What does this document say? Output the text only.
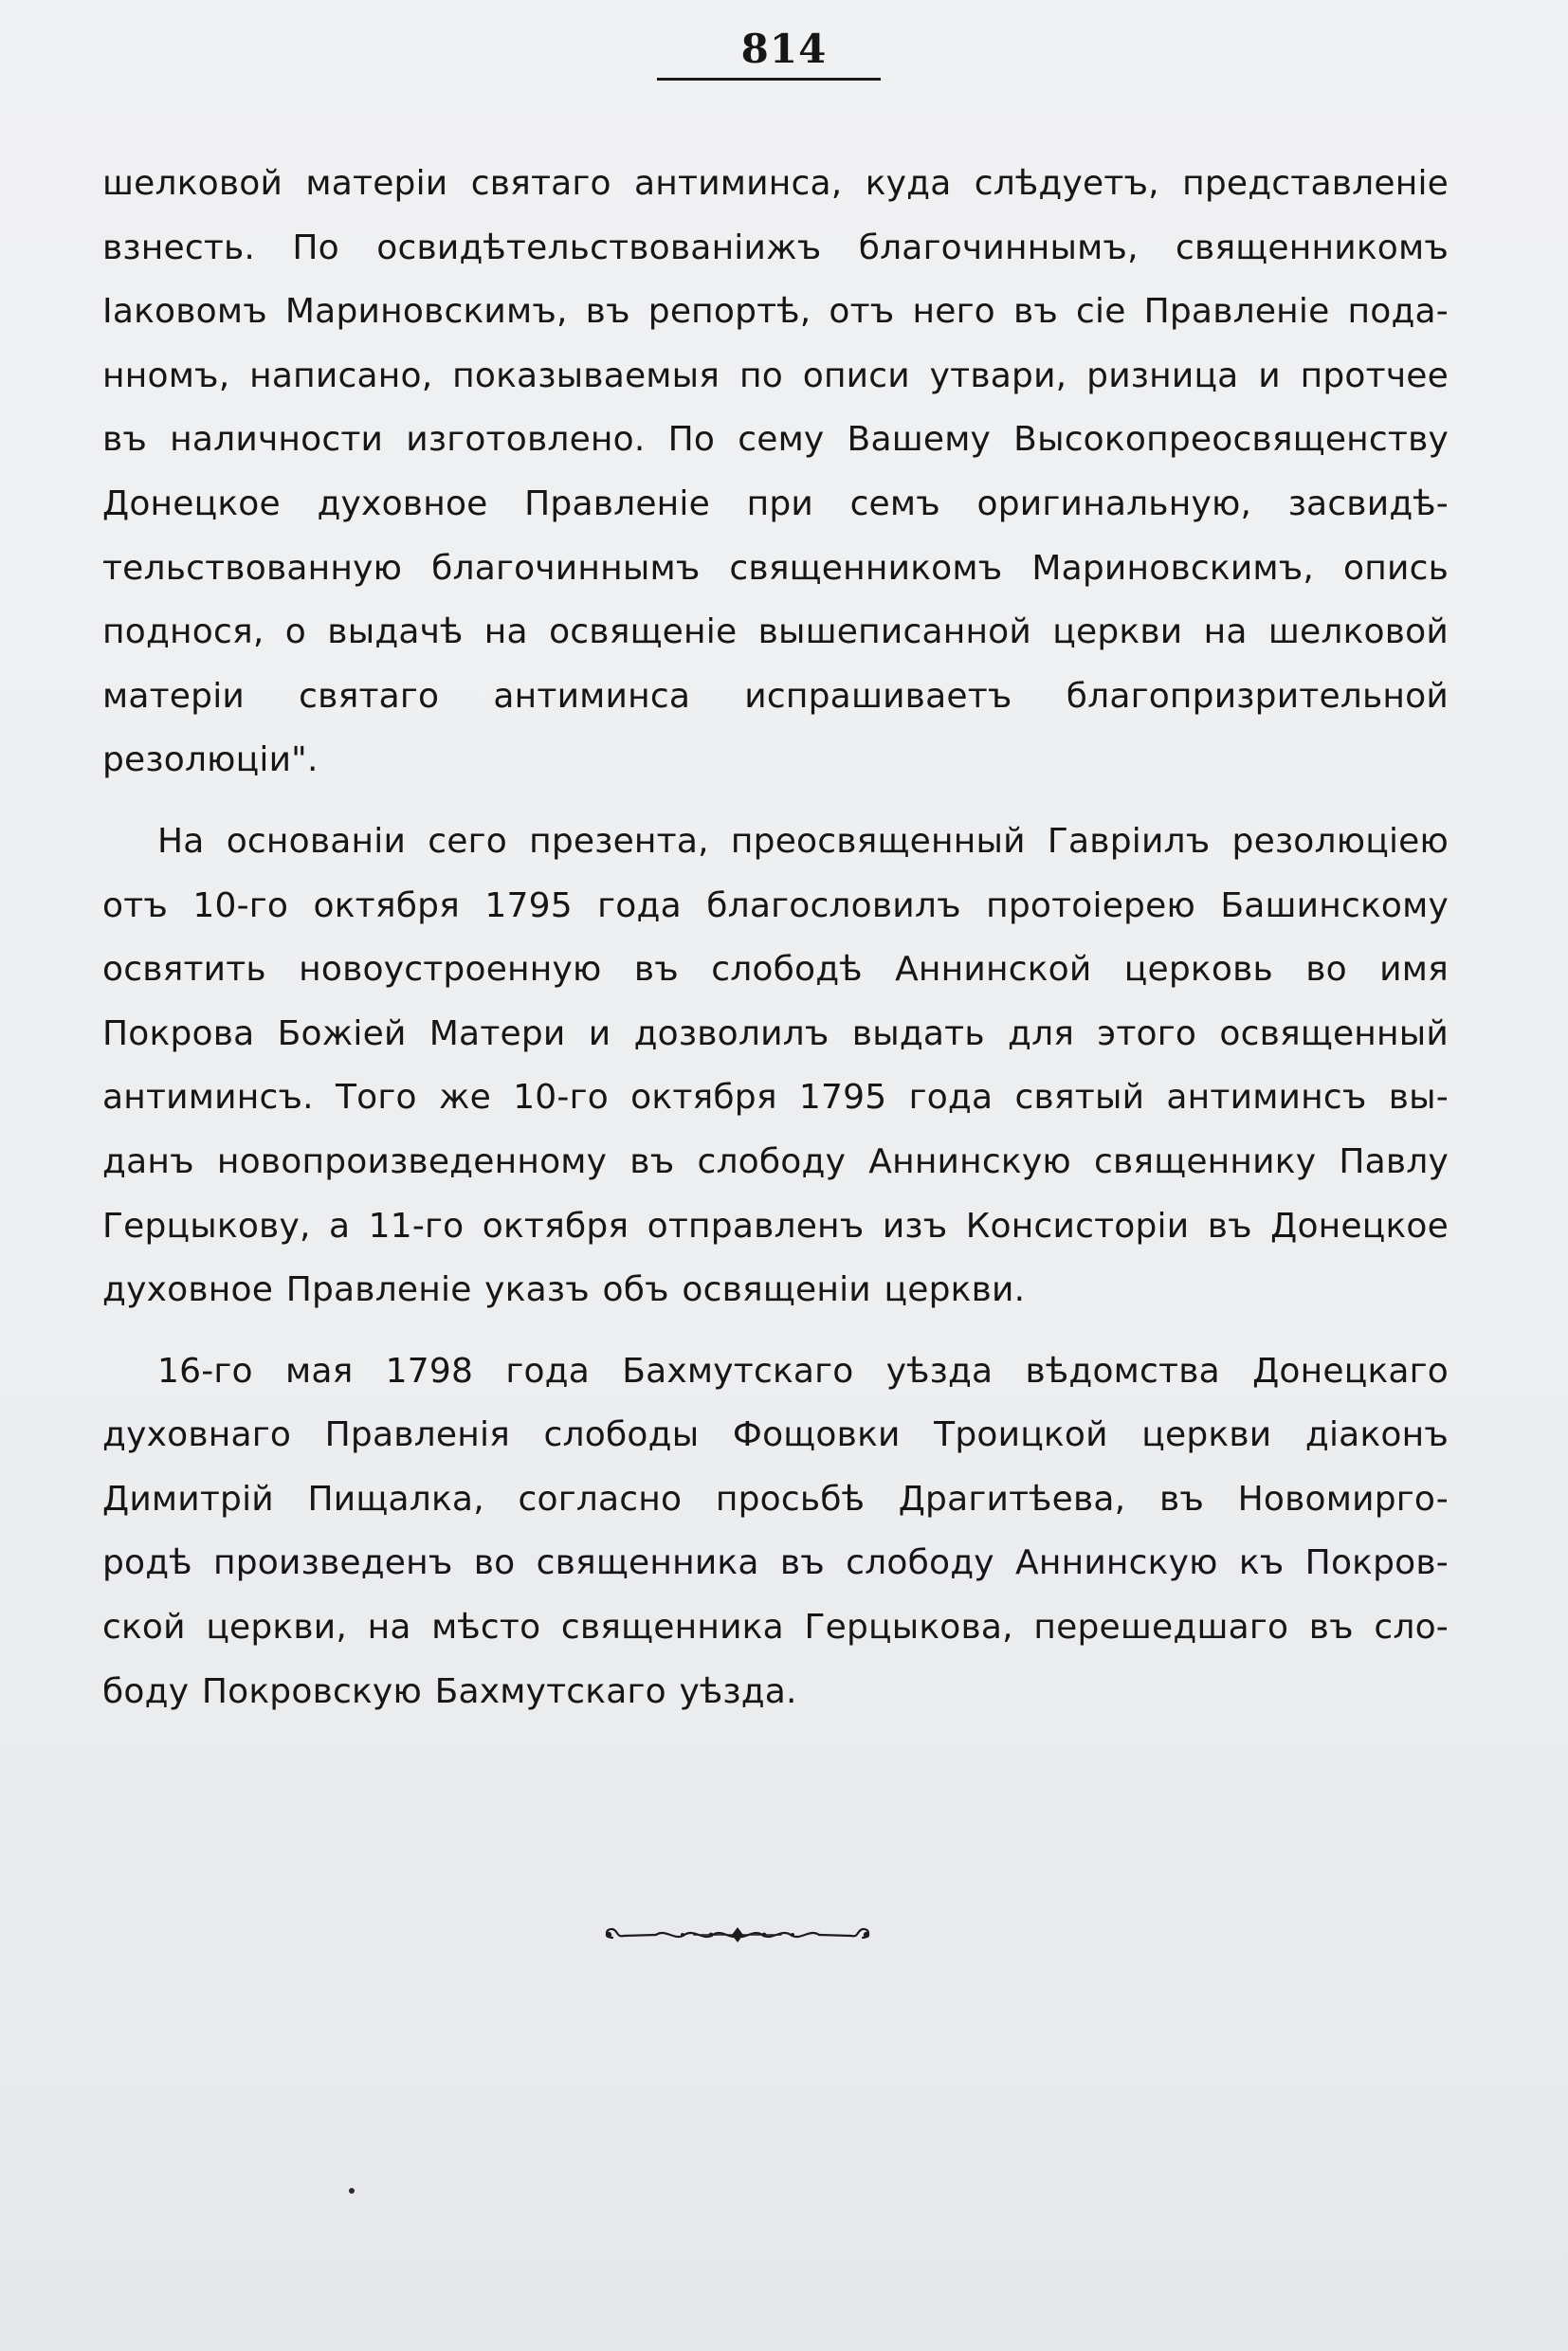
814
шелковой матерiи святаго антиминса, куда слѣдуетъ, представленiе
взнесть. По освидѣтельствованiижъ благочиннымъ, священникомъ
Iаковомъ Мариновскимъ, въ репортѣ, отъ него въ сiе Правленiе пода-
нномъ, написано, показываемыя по описи утвари, ризница и протчее
въ наличности изготовлено. По сему Вашему Высокопреосвященству
Донецкое духовное Правленiе при семъ оригинальную, засвидѣ-
тельствованную благочиннымъ священникомъ Мариновскимъ, опись
поднося, о выдачѣ на освященiе вышеписанной церкви на шелковой
матерiи святаго антиминса испрашиваетъ благопризрительной
резолюцiи".
На основанiи сего презента, преосвященный Гаврiилъ резолюцiею
отъ 10-го октября 1795 года благословилъ протоiерею Башинскому
освятить новоустроенную въ слободѣ Аннинской церковь во имя
Покрова Божiей Матери и дозволилъ выдать для этого освященный
антиминсъ. Того же 10-го октября 1795 года святый антиминсъ вы-
данъ новопроизведенному въ слободу Аннинскую священнику Павлу
Герцыкову, а 11-го октября отправленъ изъ Консисторiи въ Донецкое
духовное Правленiе указъ объ освященiи церкви.
16-го мая 1798 года Бахмутскаго уѣзда вѣдомства Донецкаго
духовнаго Правленiя слободы Фощовки Троицкой церкви дiаконъ
Димитрiй Пищалка, согласно просьбѣ Драгитѣева, въ Новомиргo-
родѣ произведенъ во священника въ слободу Аннинскую къ Покров-
ской церкви, на мѣсто священника Герцыкова, перешедшаго въ сло-
боду Покровскую Бахмутскаго уѣзда.
